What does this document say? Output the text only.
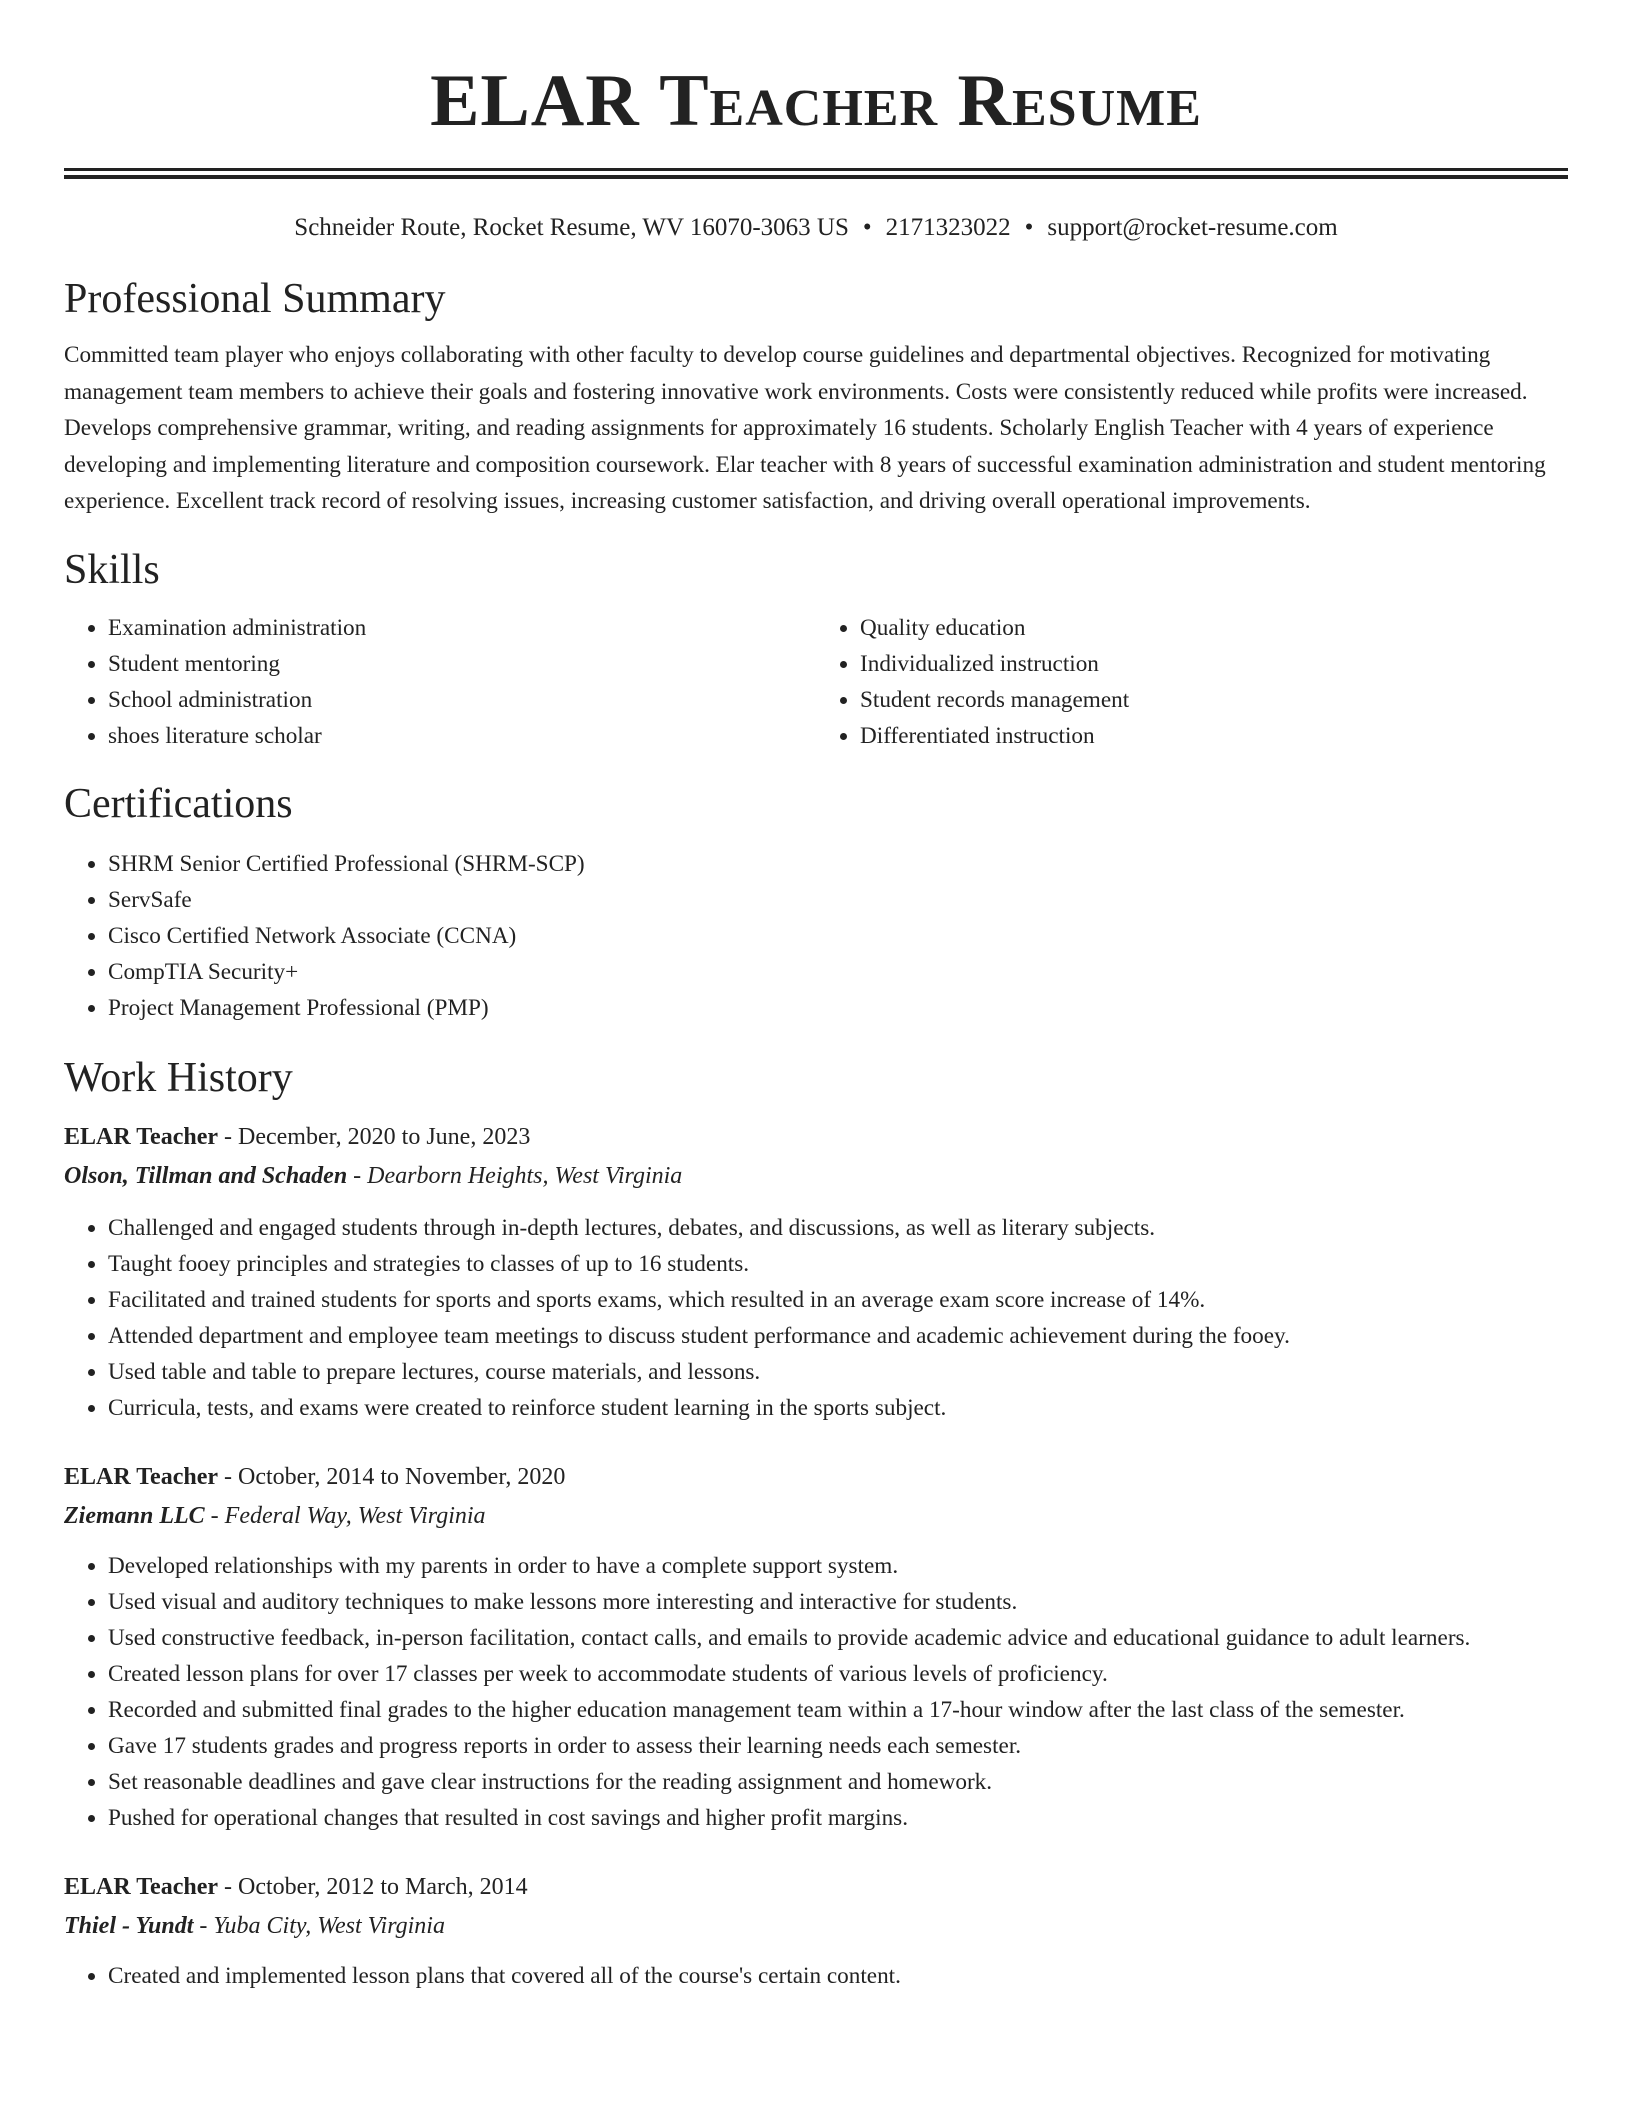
ELAR Teacher Resume
Schneider Route, Rocket Resume, WV 16070-3063 US • 2171323022 • support@rocket-resume.com
Professional Summary

Committed team player who enjoys collaborating with other faculty to develop course guidelines and departmental objectives. Recognized for motivating management team members to achieve their goals and fostering innovative work environments. Costs were consistently reduced while profits were increased. Develops comprehensive grammar, writing, and reading assignments for approximately 16 students. Scholarly English Teacher with 4 years of experience developing and implementing literature and composition coursework. Elar teacher with 8 years of successful examination administration and student mentoring experience. Excellent track record of resolving issues, increasing customer satisfaction, and driving overall operational improvements.

Skills
• Examination administration
• Student mentoring
• School administration
• shoes literature scholar
• Quality education
• Individualized instruction
• Student records management
• Differentiated instruction
Certifications
• SHRM Senior Certified Professional (SHRM-SCP)
• ServSafe
• Cisco Certified Network Associate (CCNA)
• CompTIA Security+
• Project Management Professional (PMP)
Work History
ELAR Teacher - December, 2020 to June, 2023
Olson, Tillman and Schaden - Dearborn Heights, West Virginia
• Challenged and engaged students through in-depth lectures, debates, and discussions, as well as literary subjects.
• Taught fooey principles and strategies to classes of up to 16 students.
• Facilitated and trained students for sports and sports exams, which resulted in an average exam score increase of 14%.
• Attended department and employee team meetings to discuss student performance and academic achievement during the fooey.
• Used table and table to prepare lectures, course materials, and lessons.
• Curricula, tests, and exams were created to reinforce student learning in the sports subject.
ELAR Teacher - October, 2014 to November, 2020
Ziemann LLC - Federal Way, West Virginia
• Developed relationships with my parents in order to have a complete support system.
• Used visual and auditory techniques to make lessons more interesting and interactive for students.
• Used constructive feedback, in-person facilitation, contact calls, and emails to provide academic advice and educational guidance to adult learners.
• Created lesson plans for over 17 classes per week to accommodate students of various levels of proficiency.
• Recorded and submitted final grades to the higher education management team within a 17-hour window after the last class of the semester.
• Gave 17 students grades and progress reports in order to assess their learning needs each semester.
• Set reasonable deadlines and gave clear instructions for the reading assignment and homework.
• Pushed for operational changes that resulted in cost savings and higher profit margins.
ELAR Teacher - October, 2012 to March, 2014
Thiel - Yundt - Yuba City, West Virginia
• Created and implemented lesson plans that covered all of the course's certain content.
